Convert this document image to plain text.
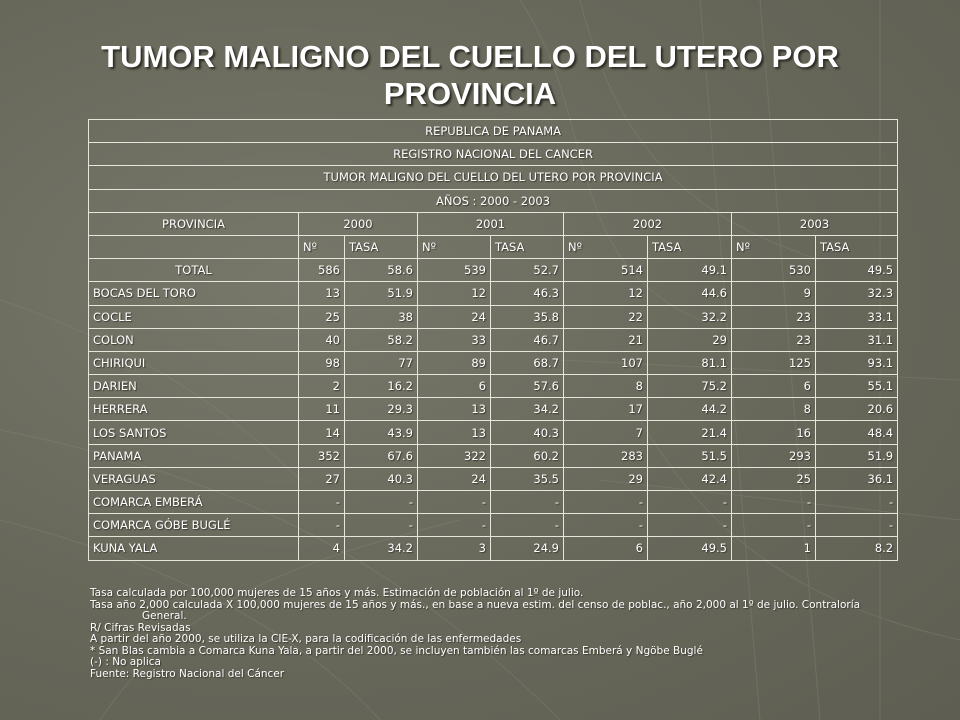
TUMOR MALIGNO DEL CUELLO DEL UTERO POR
PROVINCIA
REPUBLICA DE PANAMA								
REGISTRO NACIONAL DEL CANCER								
TUMOR MALIGNO DEL CUELLO DEL UTERO POR PROVINCIA								
AÑOS : 2000 - 2003								
PROVINCIA	2000		2001		2002		2003	
	Nº	TASA	Nº	TASA	Nº	TASA	Nº	TASA
TOTAL	586	58.6	539	52.7	514	49.1	530	49.5
BOCAS DEL TORO	13	51.9	12	46.3	12	44.6	9	32.3
COCLE	25	38	24	35.8	22	32.2	23	33.1
COLON	40	58.2	33	46.7	21	29	23	31.1
CHIRIQUI	98	77	89	68.7	107	81.1	125	93.1
DARIEN	2	16.2	6	57.6	8	75.2	6	55.1
HERRERA	11	29.3	13	34.2	17	44.2	8	20.6
LOS SANTOS	14	43.9	13	40.3	7	21.4	16	48.4
PANAMA	352	67.6	322	60.2	283	51.5	293	51.9
VERAGUAS	27	40.3	24	35.5	29	42.4	25	36.1
COMARCA EMBERÁ	-	-	-	-	-	-	-	-
COMARCA GÓBE BUGLÉ	-	-	-	-	-	-	-	-
KUNA YALA	4	34.2	3	24.9	6	49.5	1	8.2
Tasa calculada por 100,000 mujeres de 15 años y más. Estimación de población al 1º de julio.
Tasa año 2,000 calculada X 100,000 mujeres de 15 años y más., en base a nueva estim. del censo de poblac., año 2,000 al 1º de julio. Contraloría
General.
R/ Cifras Revisadas
A partir del año 2000, se utiliza la CIE-X, para la codificación de las enfermedades
* San Blas cambia a Comarca Kuna Yala, a partir del 2000, se incluyen también las comarcas Emberá y Ngöbe Buglé
(-) : No aplica
Fuente: Registro Nacional del Cáncer
